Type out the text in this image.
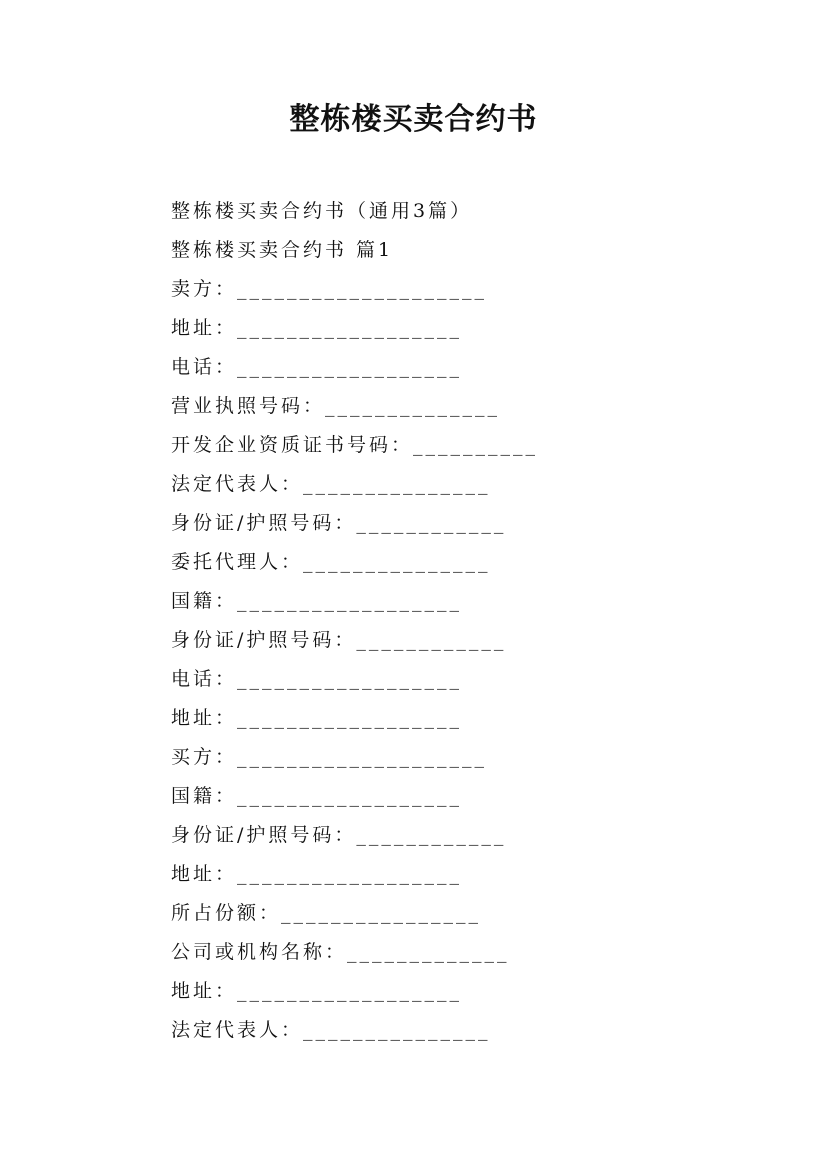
整栋楼买卖合约书
整栋楼买卖合约书（通用3篇）
整栋楼买卖合约书 篇1
卖方：____________________
地址：__________________
电话：__________________
营业执照号码：______________
开发企业资质证书号码：__________
法定代表人：_______________
身份证/护照号码：____________
委托代理人：_______________
国籍：__________________
身份证/护照号码：____________
电话：__________________
地址：__________________
买方：____________________
国籍：__________________
身份证/护照号码：____________
地址：__________________
所占份额：________________
公司或机构名称：_____________
地址：__________________
法定代表人：_______________
